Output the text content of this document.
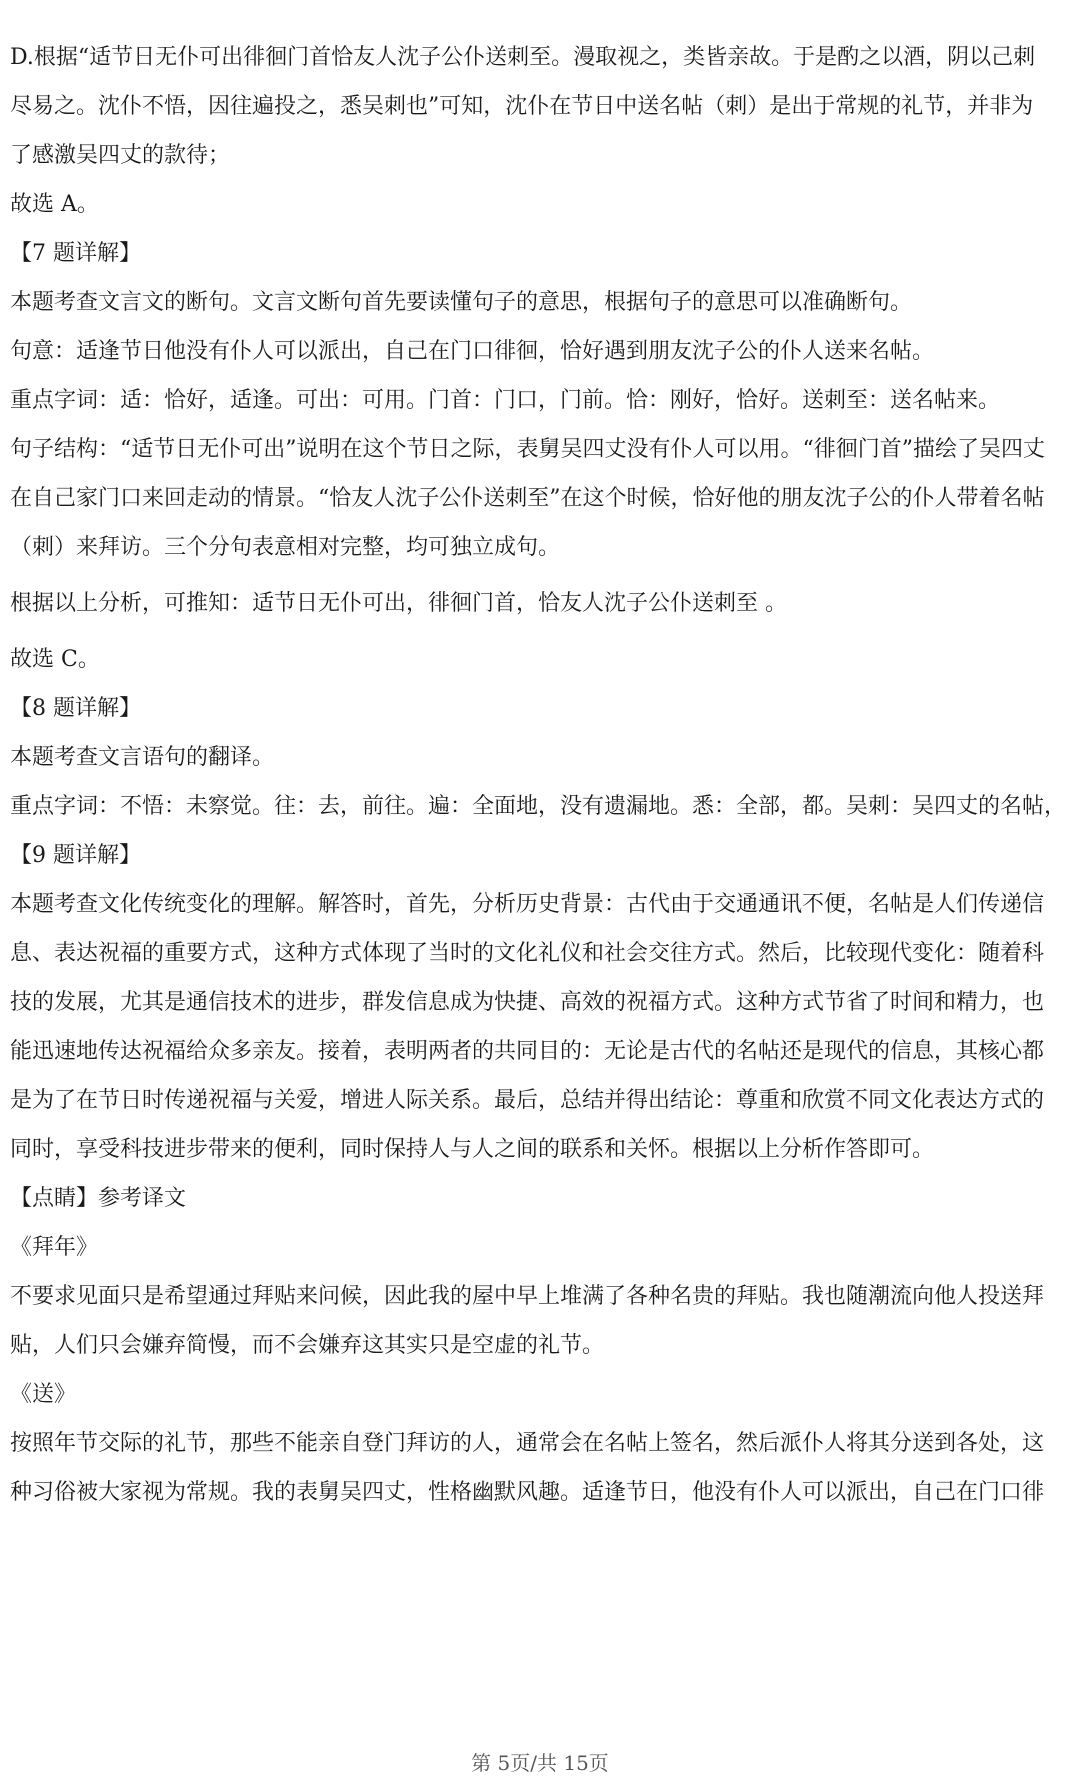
D.根据“适节日无仆可出徘徊门首恰友人沈子公仆送刺至。漫取视之，类皆亲故。于是酌之以酒，阴以己刺

尽易之。沈仆不悟，因往遍投之，悉吴刺也”可知，沈仆在节日中送名帖（刺）是出于常规的礼节，并非为

了感激吴四丈的款待；

故选 A。

【7 题详解】

本题考查文言文的断句。文言文断句首先要读懂句子的意思，根据句子的意思可以准确断句。

句意：适逢节日他没有仆人可以派出，自己在门口徘徊，恰好遇到朋友沈子公的仆人送来名帖。

重点字词：适：恰好，适逢。可出：可用。门首：门口，门前。恰：刚好，恰好。送刺至：送名帖来。

句子结构：“适节日无仆可出”说明在这个节日之际，表舅吴四丈没有仆人可以用。“徘徊门首”描绘了吴四丈

在自己家门口来回走动的情景。“恰友人沈子公仆送刺至”在这个时候，恰好他的朋友沈子公的仆人带着名帖

（刺）来拜访。三个分句表意相对完整，均可独立成句。

根据以上分析，可推知：适节日无仆可出，徘徊门首，恰友人沈子公仆送刺至 。

故选 C。

【8 题详解】

本题考查文言语句的翻译。

重点字词：不悟：未察觉。往：去，前往。遍：全面地，没有遗漏地。悉：全部，都。吴刺：吴四丈的名帖，

【9 题详解】

本题考查文化传统变化的理解。解答时，首先，分析历史背景：古代由于交通通讯不便，名帖是人们传递信

息、表达祝福的重要方式，这种方式体现了当时的文化礼仪和社会交往方式。然后，比较现代变化：随着科

技的发展，尤其是通信技术的进步，群发信息成为快捷、高效的祝福方式。这种方式节省了时间和精力，也

能迅速地传达祝福给众多亲友。接着，表明两者的共同目的：无论是古代的名帖还是现代的信息，其核心都

是为了在节日时传递祝福与关爱，增进人际关系。最后，总结并得出结论：尊重和欣赏不同文化表达方式的

同时，享受科技进步带来的便利，同时保持人与人之间的联系和关怀。根据以上分析作答即可。

【点睛】参考译文

《拜年》

不要求见面只是希望通过拜贴来问候，因此我的屋中早上堆满了各种名贵的拜贴。我也随潮流向他人投送拜

贴，人们只会嫌弃简慢，而不会嫌弃这其实只是空虚的礼节。

《送》

按照年节交际的礼节，那些不能亲自登门拜访的人，通常会在名帖上签名，然后派仆人将其分送到各处，这

种习俗被大家视为常规。我的表舅吴四丈，性格幽默风趣。适逢节日，他没有仆人可以派出，自己在门口徘

第 5页/共 15页
